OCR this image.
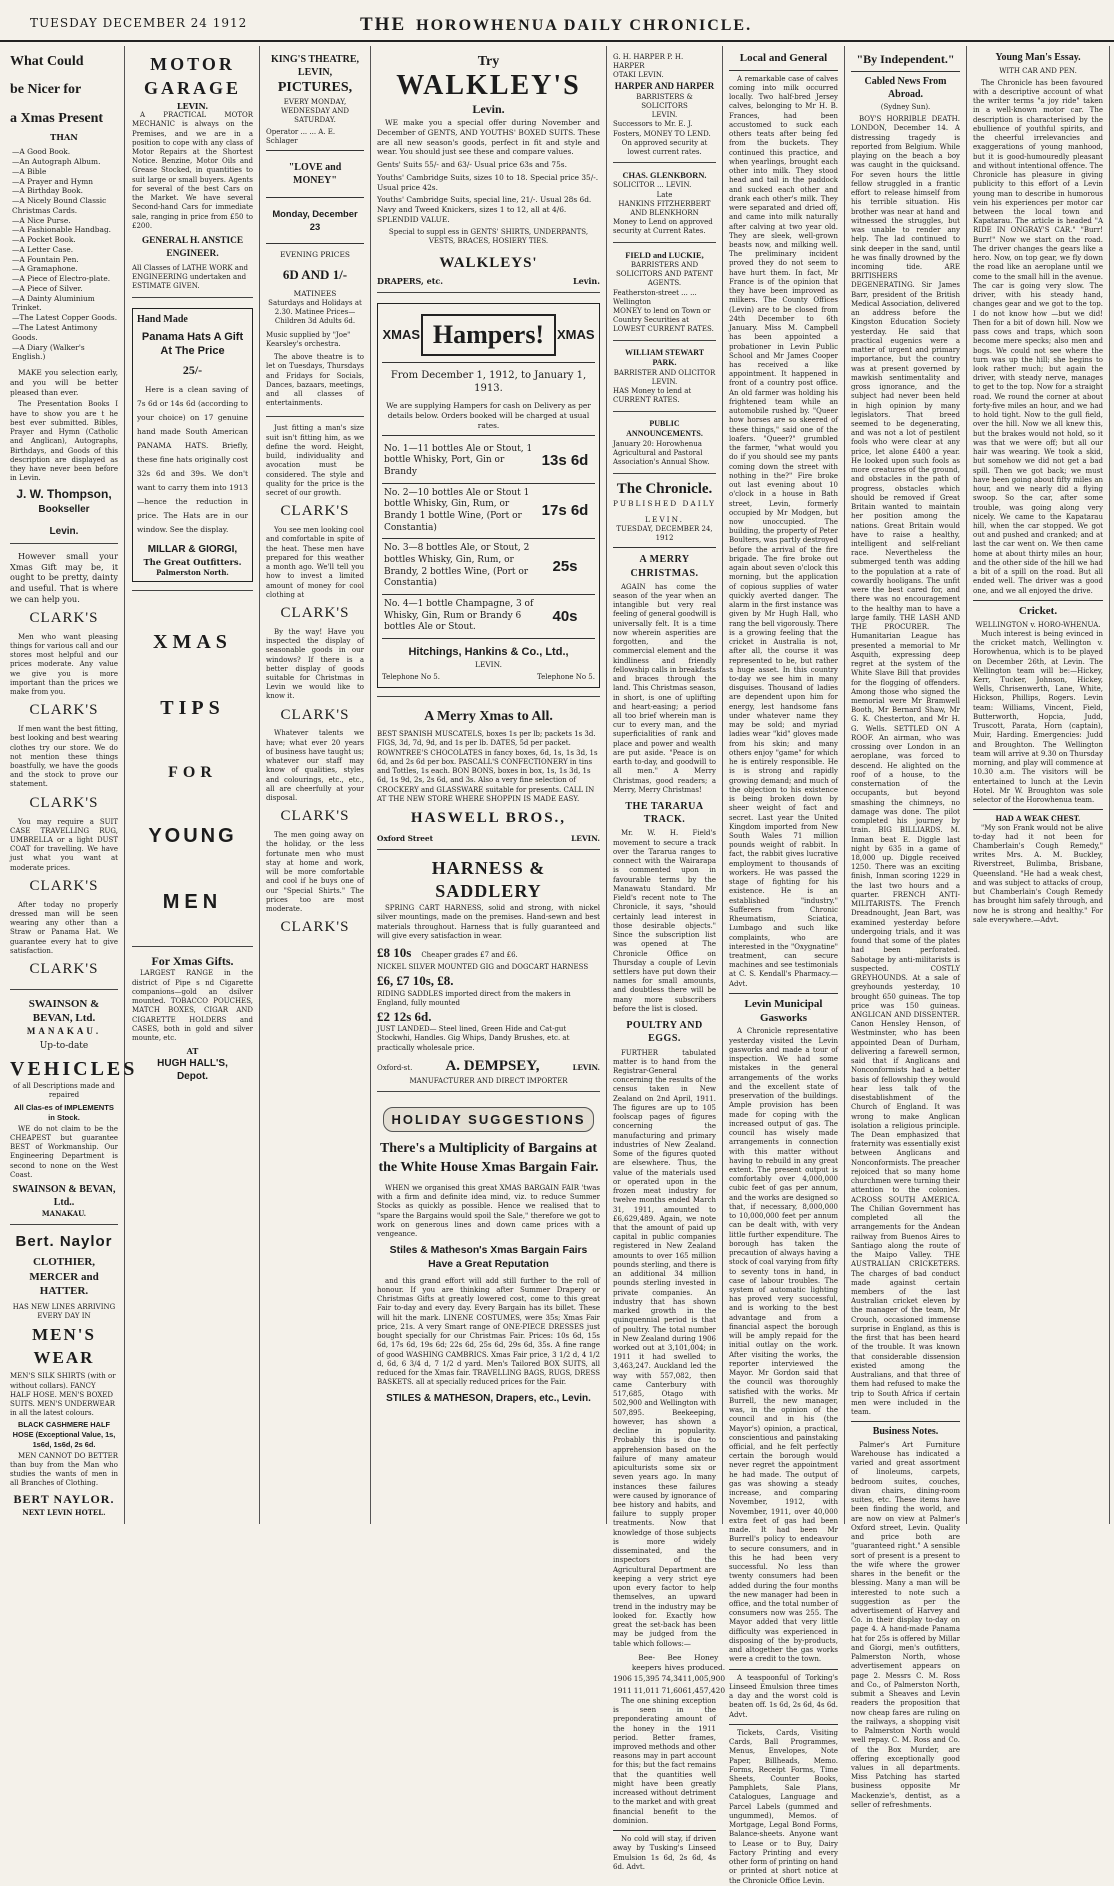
TUESDAY DECEMBER 24 1912	THE HOROWHENUA DAILY CHRONICLE.
What Could
be Nicer for
a Xmas Present
THAN
—A Good Book.
—An Autograph Album.
—A Bible
—A Prayer and Hymn
—A Birthday Book.
—A Nicely Bound Classic Christmas Cards.
—A Nice Purse.
—A Fashionable Handbag.
—A Pocket Book.
—A Letter Case.
—A Fountain Pen.
—A Gramaphone.
—A Piece of Electro-plate.
—A Piece of Silver.
—A Dainty Aluminium Trinket.
—The Latest Copper Goods.
—The Latest Antimony Goods.
—A Diary (Walker's English.)
MAKE you selection early, and you will be better pleased than ever.
The Presentation Books I have to show you are t he best ever submitted. Bibles, Prayer and Hymn (Catholic and Anglican), Autographs, Birthdays, and Goods of this description are displayed as they have never been before in Levin.
J. W. Thompson,
Bookseller
Levin.
However small your Xmas Gift may be, it ought to be pretty, dainty and useful. That is where we can help you.
CLARK'S
Men who want pleasing things for various call and our stores most helpful and our prices moderate. Any value we give you is more important than the prices we make from you.
CLARK'S
If men want the best fitting, best looking and best wearing clothes try our store. We do not mention these things boastfully, we have the goods and the stock to prove our statement.
CLARK'S
You may require a SUIT CASE TRAVELLING RUG, UMBRELLA or a light DUST COAT for travelling. We have just what you want at moderate prices.
CLARK'S
After today no properly dressed man will be seen wearing any other than a Straw or Panama Hat. We guarantee every hat to give satisfaction.
CLARK'S
SWAINSON & BEVAN, Ltd.
MANAKAU.
Up-to-date
VEHICLES
of all Descriptions made and repaired
All Clas-es of IMPLEMENTS in Stock.
WE do not claim to be the CHEAPEST but guarantee BEST of Workmanship. Our Engineering Department is second to none on the West Coast.
SWAINSON & BEVAN, Ltd..
MANAKAU.
Bert. Naylor
CLOTHIER, MERCER and HATTER.
HAS NEW LINES ARRIVING EVERY DAY IN
MEN'S WEAR
MEN'S SILK SHIRTS (with or without collars). FANCY HALF HOSE. MEN'S BOXED SUITS. MEN'S UNDERWEAR in all the latest colours.
BLACK CASHMERE HALF HOSE (Exceptional Value, 1s, 1s6d, 1s6d, 2s 6d.
MEN CANNOT DO BETTER than buy from the Man who studies the wants of men in all Branches of Clothing.
BERT NAYLOR.
NEXT LEVIN HOTEL.
MOTOR GARAGE
LEVIN.
A PRACTICAL MOTOR MECHANIC is always on the Premises, and we are in a position to cope with any class of Motor Repairs at the Shortest Notice. Benzine, Motor Oils and Grease Stocked, in quantities to suit large or small buyers. Agents for several of the best Cars on the Market. We have several Second-hand Cars for immediate sale, ranging in price from £50 to £200.
GENERAL H. ANSTICE ENGINEER.
All Classes of LATHE WORK and ENGINEERING undertaken and ESTIMATE GIVEN.
Hand Made
Panama Hats A Gift At The Price
25/-
Here is a clean saving of 7s 6d or 14s 6d (according to your choice) on 17 genuine hand made South American PANAMA HATS. Briefly, these fine hats originally cost 32s 6d and 39s. We don't want to carry them into 1913—hence the reduction in price. The Hats are in our window. See the display.
MILLAR & GIORGI,
The Great Outfitters.
Palmerston North.
XMAS
TIPS
FOR
YOUNG
MEN
For Xmas Gifts.
LARGEST RANGE in the district of Pipe s nd Cigarette companions—gold an dsilver mounted. TOBACCO POUCHES, MATCH BOXES, CIGAR AND CIGARETTE HOLDERS and CASES, both in gold and silver mounte, etc.
AT
HUGH HALL'S,
Depot.
KING'S THEATRE, LEVIN,
PICTURES,
EVERY MONDAY, WEDNESDAY AND SATURDAY.
Operator ... ... A. E. Schlager
"LOVE and MONEY"
Monday, December 23
EVENING PRICES
6D AND 1/-
MATINEES
Saturdays and Holidays at 2.30. Matinee Prices—Children 3d Adults 6d.
Music supplied by "Joe" Kearsley's orchestra.
The above theatre is to let on Tuesdays, Thursdays and Fridays for Socials, Dances, bazaars, meetings, and all classes of entertainments.
Just fitting a man's size suit isn't fitting him, as we define the word. Height, build, individuality and avocation must be considered. The style and quality for the price is the secret of our growth.
CLARK'S
You see men looking cool and comfortable in spite of the heat. These men have prepared for this weather a month ago. We'll tell you how to invest a limited amount of money for cool clothing at
CLARK'S
By the way! Have you inspected the display of seasonable goods in our windows? If there is a better display of goods suitable for Christmas in Levin we would like to know it.
CLARK'S
Whatever talents we have; what ever 20 years of business have taught us; whatever our staff may know of qualities, styles and colourings, etc., etc., all are cheerfully at your disposal.
CLARK'S
The men going away on the holiday, or the less fortunate men who must stay at home and work, will be more comfortable and cool if he buys one of our "Special Shirts." The prices too are most moderate.
CLARK'S
Try
WALKLEY'S
Levin.
WE make you a special offer during November and December of GENTS, AND YOUTHS' BOXED SUITS. These are all new season's goods, perfect in fit and style and wear. You should just see these and compare values.
Gents' Suits 55/- and 63/- Usual price 63s and 75s.
Youths' Cambridge Suits, sizes 10 to 18. Special price 35/-. Usual price 42s.
Youths' Cambridge Suits, special line, 21/-. Usual 28s 6d. Navy and Tweed Knickers, sizes 1 to 12, all at 4/6. SPLENDID VALUE.
Special to suppl ess in GENTS' SHIRTS, UNDERPANTS, VESTS, BRACES, HOSIERY TIES.
WALKLEYS'
DRAPERS, etc.	Levin.
XMAS Hampers! XMAS
From December 1, 1912, to January 1, 1913.
We are supplying Hampers for cash on Delivery as per details below. Orders booked will be charged at usual rates.
No. 1—11 bottles Ale or Stout, 1 bottle Whisky, Port, Gin or Brandy
13s 6d
No. 2—10 bottles Ale or Stout 1 bottle Whisky, Gin, Rum, or Brandy 1 bottle Wine, (Port or Constantia)
17s 6d
No. 3—8 bottles Ale, or Stout, 2 bottles Whisky, Gin, Rum, or Brandy, 2 bottles Wine, (Port or Constantia)
25s
No. 4—1 bottle Champagne, 3 of Whisky, Gin, Rum or Brandy 6 bottles Ale or Stout.
40s
Hitchings, Hankins & Co., Ltd.,
LEVIN.
Telephone No 5.	Telephone No 5.
A Merry Xmas to All.
BEST SPANISH MUSCATELS, boxes 1s per lb; packets 1s 3d. FIGS, 3d, 7d, 9d, and 1s per lb. DATES, 5d per packet. ROWNTREE'S CHOCOLATES in fancy boxes, 6d, 1s, 1s 3d, 1s 6d, and 2s 6d per box. PASCALL'S CONFECTIONERY in tins and Tottles, 1s each. BON BONS, boxes in box, 1s, 1s 3d, 1s 6d, 1s 9d, 2s, 2s 6d, and 3s. Also a very fine selection of CROCKERY and GLASSWARE suitable for presents. CALL IN AT THE NEW STORE WHERE SHOPPIN IS MADE EASY.
HASWELL BROS.,
Oxford Street	LEVIN.
HARNESS & SADDLERY
SPRING CART HARNESS, solid and strong, with nickel silver mountings, made on the premises. Hand-sewn and best materials throughout. Harness that is fully guaranteed and will give every satisfaction in wear.
£8 10s Cheaper grades £7 and £6.
NICKEL SILVER MOUNTED GIG and DOGCART HARNESS
£6, £7 10s, £8.
RIDING SADDLES imported direct from the makers in England, fully mounted
£2 12s 6d.
JUST LANDED— Steel lined, Green Hide and Cat-gut Stockwhi, Handles. Gig Whips, Dandy Brushes, etc. at practically wholesale price.
Oxford-st. A. DEMPSEY,	LEVIN.
MANUFACTURER AND DIRECT IMPORTER
HOLIDAY SUGGESTIONS
There's a Multiplicity of Bargains at the White House Xmas Bargain Fair.
WHEN we organised this great XMAS BARGAIN FAIR 'twas with a firm and definite idea mind, viz. to reduce Summer Stocks as quickly as possible. Hence we realised that to "spare the Bargains would spoil the Sale," therefore we got to work on generous lines and down came prices with a vengeance.
Stiles & Matheson's Xmas Bargain Fairs Have a Great Reputation
and this grand effort will add still further to the roll of honour. If you are thinking after Summer Drapery or Christmas Gifts at greatly lowered cost, come to this great Fair to-day and every day. Every Bargain has its billet. These will hit the mark. LINENE COSTUMES, were 35s; Xmas Fair price, 21s. A very Smart range of ONE-PIECE DRESSES just bought specially for our Christmas Fair. Prices: 10s 6d, 15s 6d, 17s 6d, 19s 6d; 22s 6d, 25s 6d, 29s 6d, 35s. A fine range of good WASHING CAMBRICS. Xmas Fair price, 3 1/2 d, 4 1/2 d, 6d, 6 3/4 d, 7 1/2 d yard. Men's Tailored BOX SUITS, all reduced for the Xmas fair. TRAVELLING BAGS, RUGS, DRESS BASKETS. all at specially reduced prices for the Fair.
STILES & MATHESON, Drapers, etc., Levin.
G. H. HARPER P. H. HARPER
OTAKI LEVIN.
HARPER AND HARPER
BARRISTERS & SOLICITORS
LEVIN.
Successors to Mr. E. J. Fosters, MONEY TO LEND.
On approved security at lowest current rates.
CHAS. GLENKBORN.
SOLICITOR ... LEVIN.
Late
HANKINS FITZHERBERT AND BLENKHORN
Money to Lend on approved security at Current Rates.
FIELD and LUCKIE,
BARRISTERS AND SOLICITORS AND PATENT AGENTS.
Featherston-street ... ... Wellington
MONEY to lend on Town or Country Securities at LOWEST CURRENT RATES.
WILLIAM STEWART PARK.
BARRISTER AND OLICITOR LEVIN.
HAS Money to lend at CURRENT RATES.
PUBLIC ANNOUNCEMENTS.
January 20: Horowhenua Agricultural and Pastoral Association's Annual Show.
The Chronicle.
PUBLISHED DAILY
LEVIN.
TUESDAY, DECEMBER 24, 1912
A MERRY CHRISTMAS.
AGAIN has come the season of the year when an intangible but very real feeling of general goodwill is universally felt. It is a time now wherein asperities are forgotten, and the commercial element and the kindliness and friendly fellowship calls in breakfasts and braces through the land. This Christmas season, in short, is one of uplifting and heart-easing; a period all too brief wherein man is cur to every man, and the superficialities of rank and place and power and wealth are put aside. "Peace is on earth to-day, and goodwill to all men." A Merry Christmas, good readers; a Merry, Merry Christmas!
THE TARARUA TRACK.
Mr. W. H. Field's movement to secure a track over the Tararua ranges to connect with the Wairarapa is commented upon in favourable terms by the Manawatu Standard. Mr Field's recent note to The Chronicle, it says, "should certainly lead interest in those desirable objects." Since the subscription list was opened at The Chronicle Office on Thursday a couple of Levin settlers have put down their names for small amounts, and doubtless there will be many more subscribers before the list is closed.
POULTRY AND EGGS.
FURTHER tabulated matter is to hand from the Registrar-General concerning the results of the census taken in New Zealand on 2nd April, 1911. The figures are up to 105 foolscap pages of figures concerning the manufacturing and primary industries of New Zealand. Some of the figures quoted are elsewhere. Thus, the value of the materials used or operated upon in the frozen meat industry for twelve months ended March 31, 1911, amounted to £6,629,489. Again, we note that the amount of paid up capital in public companies registered in New Zealand amounts to over 165 million pounds sterling, and there is an additional 34 million pounds sterling invested in private companies. An industry that has shown marked growth in the quinquennial period is that of poultry. The total number in New Zealand during 1906 worked out at 3,101,004; in 1911 it had swelled to 3,463,247. Auckland led the way with 557,082, then came Canterbury with 517,685, Otago with 502,900 and Wellington with 507,895. Beekeeping, however, has shown a decline in popularity. Probably this is due to apprehension based on the failure of many amateur apiculturists some six or seven years ago. In many instances these failures were caused by ignorance of bee history and habits, and failure to supply proper treatments. Now that knowledge of those subjects is more widely disseminated, and the inspectors of the Agricultural Department are keeping a very strict eye upon every factor to help themselves, an upward trend in the industry may be looked for. Exactly how great the set-back has been may be judged from the table which follows:—
	Bee-keepers	Bee hives	Honey produced.
1906	15,395	74,341	1,005,900
1911	11,011	71,606	1,457,420
The one shining exception is seen in the preponderating amount of the honey in the 1911 period. Better frames, improved methods and other reasons may in part account for this; but the fact remains that the quantities well might have been greatly increased without detriment to the market and with great financial benefit to the dominion.
No cold will stay, if driven away by Tusking's Linseed Emulsion 1s 6d, 2s 6d, 4s 6d. Advt.
Local and General
A remarkable case of calves coming into milk occurred locally. Two half-bred Jersey calves, belonging to Mr H. B. Frances, had been accustomed to suck each others teats after being fed from the buckets. They continued this practice, and when yearlings, brought each other into milk. They stood head and tail in the paddock and sucked each other and drank each other's milk. They were separated and dried off, and came into milk naturally after calving at two year old. They are sleek, well-grown beasts now, and milking well. The preliminary incident proved they do not seem to have hurt them. In fact, Mr France is of the opinion that they have been improved as milkers. The County Offices (Levin) are to be closed from 24th December to 6th January. Miss M. Campbell has been appointed a probationer in Levin Public School and Mr James Cooper has received a like appointment. It happened in front of a country post office. An old farmer was holding his frightened team while an automobile rushed by. "Queer how horses are so skeered of these things," said one of the loafers. "Queer?" grumbled the farmer, "what would you do if you should see my pants coming down the street with nothing in the?" Fire broke out last evening about 10 o'clock in a house in Bath street, Levin, formerly occupied by Mr Modgen, but now unoccupied. The building, the property of Peter Boulters, was partly destroyed before the arrival of the fire brigade. The fire broke out again about seven o'clock this morning, but the application of copious supplies of water quickly averted danger. The alarm in the first instance was given by Mr Hugh Hall, who rang the bell vigorously. There is a growing feeling that the cricket in Australia is not, after all, the course it was represented to be, but rather a huge asset. In this country to-day we see him in many disguises. Thousand of ladies are dependent upon him for energy, lest handsome fans under whatever name they may be sold; and myriad ladies wear "kid" gloves made from his skin; and many others enjoy "game" for which he is entirely responsible. He is is strong and rapidly growing demand; and much of the objection to his existence is being broken down by sheer weight of fact and secret. Last year the United Kingdom imported from New South Wales 71 million pounds weight of rabbit. In fact, the rabbit gives lucrative employment to thousands of workers. He was passed the stage of fighting for his existence. He is an established "industry." Sufferers from Chronic Rheumatism, Sciatica, Lumbago and such like complaints, who are interested in the "Oxygnatine" treatment, can secure machines and see testimonials at C. S. Kendall's Pharmacy.—Advt.
Levin Municipal Gasworks
A Chronicle representative yesterday visited the Levin gasworks and made a tour of inspection. We had some mistakes in the general arrangements of the works and the excellent state of preservation of the buildings. Ample provision has been made for coping with the increased output of gas. The council has wisely made arrangements in connection with this matter without having to rebuild in any great extent. The present output is comfortably over 4,000,000 cubic feet of gas per annum, and the works are designed so that, if necessary, 8,000,000 to 10,000,000 feet per annum can be dealt with, with very little further expenditure. The borough has taken the precaution of always having a stock of coal varying from fifty to seventy tons in hand, in case of labour troubles. The system of automatic lighting has proved very successful, and is working to the best advantage and from a financial aspect the borough will be amply repaid for the initial outlay on the work. After visiting the works, the reporter interviewed the Mayor. Mr Gordon said that the council was thoroughly satisfied with the works. Mr Burrell, the new manager, was, in the opinion of the council and in his (the Mayor's) opinion, a practical, conscientious and painstaking official, and he felt perfectly certain the borough would never regret the appointment he had made. The output of gas was showing a steady increase, and comparing November, 1912, with November, 1911, over 40,000 extra feet of gas had been made. It had been Mr Burrell's policy to endeavour to secure consumers, and in this he had been very successful. No less than twenty consumers had been added during the four months the new manager had been in office, and the total number of consumers now was 255. The Mayor added that very little difficulty was experienced in disposing of the by-products, and altogether the gas works were a credit to the town.
A teaspoonful of Torking's Linseed Emulsion three times a day and the worst cold is beaten off. 1s 6d, 2s 6d, 4s 6d. Advt.
Tickets, Cards, Visiting Cards, Ball Programmes, Menus, Envelopes, Note Paper, Billheads, Memo. Forms, Receipt Forms, Time Sheets, Counter Books, Pamphlets, Sale Plans, Catalogues, Language and Parcel Labels (gummed and ungummed), Memos. of Mortgage, Legal Bond Forms, Balance-sheets. Anyone want to Lease or to Buy, Dairy Factory Printing and every other form of printing on hand or printed at short notice at the Chronicle Office Levin.
"By Independent."
Cabled News From Abroad.
(Sydney Sun).
BOY'S HORRIBLE DEATH. LONDON, December 14. A distressing tragedy is reported from Belgium. While playing on the beach a boy was caught in the quicksand. For seven hours the little fellow struggled in a frantic effort to release himself from his terrible situation. His brother was near at hand and witnessed the struggles, but was unable to render any help. The lad continued to sink deeper in the sand, until he was finally drowned by the incoming tide. ARE BRITISHERS DEGENERATING. Sir James Barr, president of the British Medical Association, delivered an address before the Kingston Education Society yesterday. He said that practical eugenics were a matter of urgent and primary importance, but the country was at present governed by mawkish sentimentality and gross ignorance, and the subject had never been held in high opinion by many legislators. That breed seemed to be degenerating, and was not a lot of pestilent fools who were clear at any price, let alone £400 a year. He looked upon such fools as more creatures of the ground, and obstacles in the path of progress, obstacles which should be removed if Great Britain wanted to maintain her position among the nations. Great Britain would have to raise a healthy, intelligent and self-reliant race. Nevertheless the submerged tenth was adding to the population at a rate of cowardly hooligans. The unfit were the best cared for, and there was no encouragement to the healthy man to have a large family. THE LASH AND THE PROCURER. The Humanitarian League has presented a memorial to Mr Asquith, expressing deep regret at the system of the White Slave Bill that provides for the flogging of offenders. Among those who signed the memorial were Mr Bramwell Booth, Mr Bernard Shaw, Mr G. K. Chesterton, and Mr H. G. Wells. SETTLED ON A ROOF. An airman, who was crossing over London in an aeroplane, was forced to descend. He alighted on the roof of a house, to the consternation of the occupants, but beyond smashing the chimneys, no damage was done. The pilot completed his journey by train. BIG BILLIARDS. M. Inman beat E. Diggle last night by 635 in a game of 18,000 up. Diggle received 1250. There was an exciting finish, Inman scoring 1229 in the last two hours and a quarter. FRENCH ANTI-MILITARISTS. The French Dreadnought, Jean Bart, was examined yesterday before undergoing trials, and it was found that some of the plates had been perforated. Sabotage by anti-militarists is suspected. COSTLY GREYHOUNDS. At a sale of greyhounds yesterday, 10 brought 650 guineas. The top price was 150 guineas. ANGLICAN AND DISSENTER. Canon Hensley Henson, of Westminster, who has been appointed Dean of Durham, delivering a farewell sermon, said that if Anglicans and Nonconformists had a better basis of fellowship they would hear less talk of the disestablishment of the Church of England. It was wrong to make Anglican isolation a religious principle. The Dean emphasized that fraternity was essentially exist between Anglicans and Nonconformists. The preacher rejoiced that so many home churchmen were turning their attention to the colonies. ACROSS SOUTH AMERICA. The Chilian Government has completed all the arrangements for the Andean railway from Buenos Aires to Santiago along the route of the Maipo Valley. THE AUSTRALIAN CRICKETERS. The charges of bad conduct made against certain members of the last Australian cricket eleven by the manager of the team, Mr Crouch, occasioned immense surprise in England, as this is the first that has been heard of the trouble. It was known that considerable dissension existed among the Australians, and that three of them had refused to make the trip to South Africa if certain men were included in the team.
Business Notes.
Palmer's Art Furniture Warehouse has indicated a varied and great assortment of linoleums, carpets, bedroom suites, couches, divan chairs, dining-room suites, etc. These items have been finding the world, and are now on view at Palmer's Oxford street, Levin. Quality and price both are "guaranteed right." A sensible sort of present is a present to the wife where the grower shares in the benefit or the blessing. Many a man will be interested to note such a suggestion as per the advertisement of Harvey and Co. in their display to-day on page 4. A hand-made Panama hat for 25s is offered by Millar and Giorgi, men's outfitters, Palmerston North, whose advertisement appears on page 2. Messrs C. M. Ross and Co., of Palmerston North, submit a Sheaves and Levin readers the proposition that now cheap fares are ruling on the railways, a shopping visit to Palmerston North would well repay. C. M. Ross and Co. of the Box Murder, are offering exceptionally good values in all departments. Miss Patching has started business opposite Mr Mackenzie's, dentist, as a seller of refreshments.
Young Man's Essay.
WITH CAR AND PEN.
The Chronicle has been favoured with a descriptive account of what the writer terms "a joy ride" taken in a well-known motor car. The description is characterised by the ebullience of youthful spirits, and the cheerful irrelevancies and exaggerations of young manhood, but it is good-humouredly pleasant and without intentional offence. The Chronicle has pleasure in giving publicity to this effort of a Levin young man to describe in humorous vein his experiences per motor car between the local town and Kapatarau. The article is headed "A RIDE IN ONGRAY'S CAR." "Burr! Burr!" Now we start on the road. The driver changes the gears like a hero. Now, on top gear, we fly down the road like an aeroplane until we come to the small hill in the avenue. The car is going very slow. The driver, with his steady hand, changes gear and we got to the top. I do not know how —but we did! Then for a bit of down hill. Now we pass cows and traps, which soon become mere specks; also men and bogs. We could not see where the turn was up the hill; she begins to look rather much; but again the driver, with steady nerve, manages to get to the top. Now for a straight road. We round the corner at about forty-five miles an hour, and we had to hold tight. Now to the gull field, over the hill. Now we all knew this, but the brakes would not hold, so it was that we were off; but all our hair was wearing. We took a skid, but somehow we did not get a bad spill. Then we got back; we must have been going about fifty miles an hour, and we nearly did a flying swoop. So the car, after some trouble, was going along very nicely. We came to the Kapatarau hill, when the car stopped. We got out and pushed and cranked; and at last the car went on. We then came home at about thirty miles an hour, and the other side of the hill we had a bit of a spill on the road. But all ended well. The driver was a good one, and we all enjoyed the drive.
Cricket.
WELLINGTON v. HORO-WHENUA.
Much interest is being evinced in the cricket match, Wellington v. Horowhenua, which is to be played on December 26th, at Levin. The Wellington team will be:—Hickey, Kerr, Tucker, Johnson, Hickey, Wells, Chrisenwerth, Lane, White, Hickson, Phillips, Rogers. Levin team: Williams, Vincent, Field, Butterworth, Hopcia, Judd, Truscott, Parata, Horn (captain), Muir, Harding. Emergencies: Judd and Broughton. The Wellington team will arrive at 9.30 on Thursday morning, and play will commence at 10.30 a.m. The visitors will be entertained to lunch at the Levin Hotel. Mr W. Broughton was sole selector of the Horowhenua team.
HAD A WEAK CHEST.
"My son Frank would not be alive to-day had it not been for Chamberlain's Cough Remedy," writes Mrs. A. M. Buckley, Riverstreet, Bulimba, Brisbane, Queensland. "He had a weak chest, and was subject to attacks of croup, but Chamberlain's Cough Remedy has brought him safely through, and now he is strong and healthy." For sale everywhere.—Advt.
